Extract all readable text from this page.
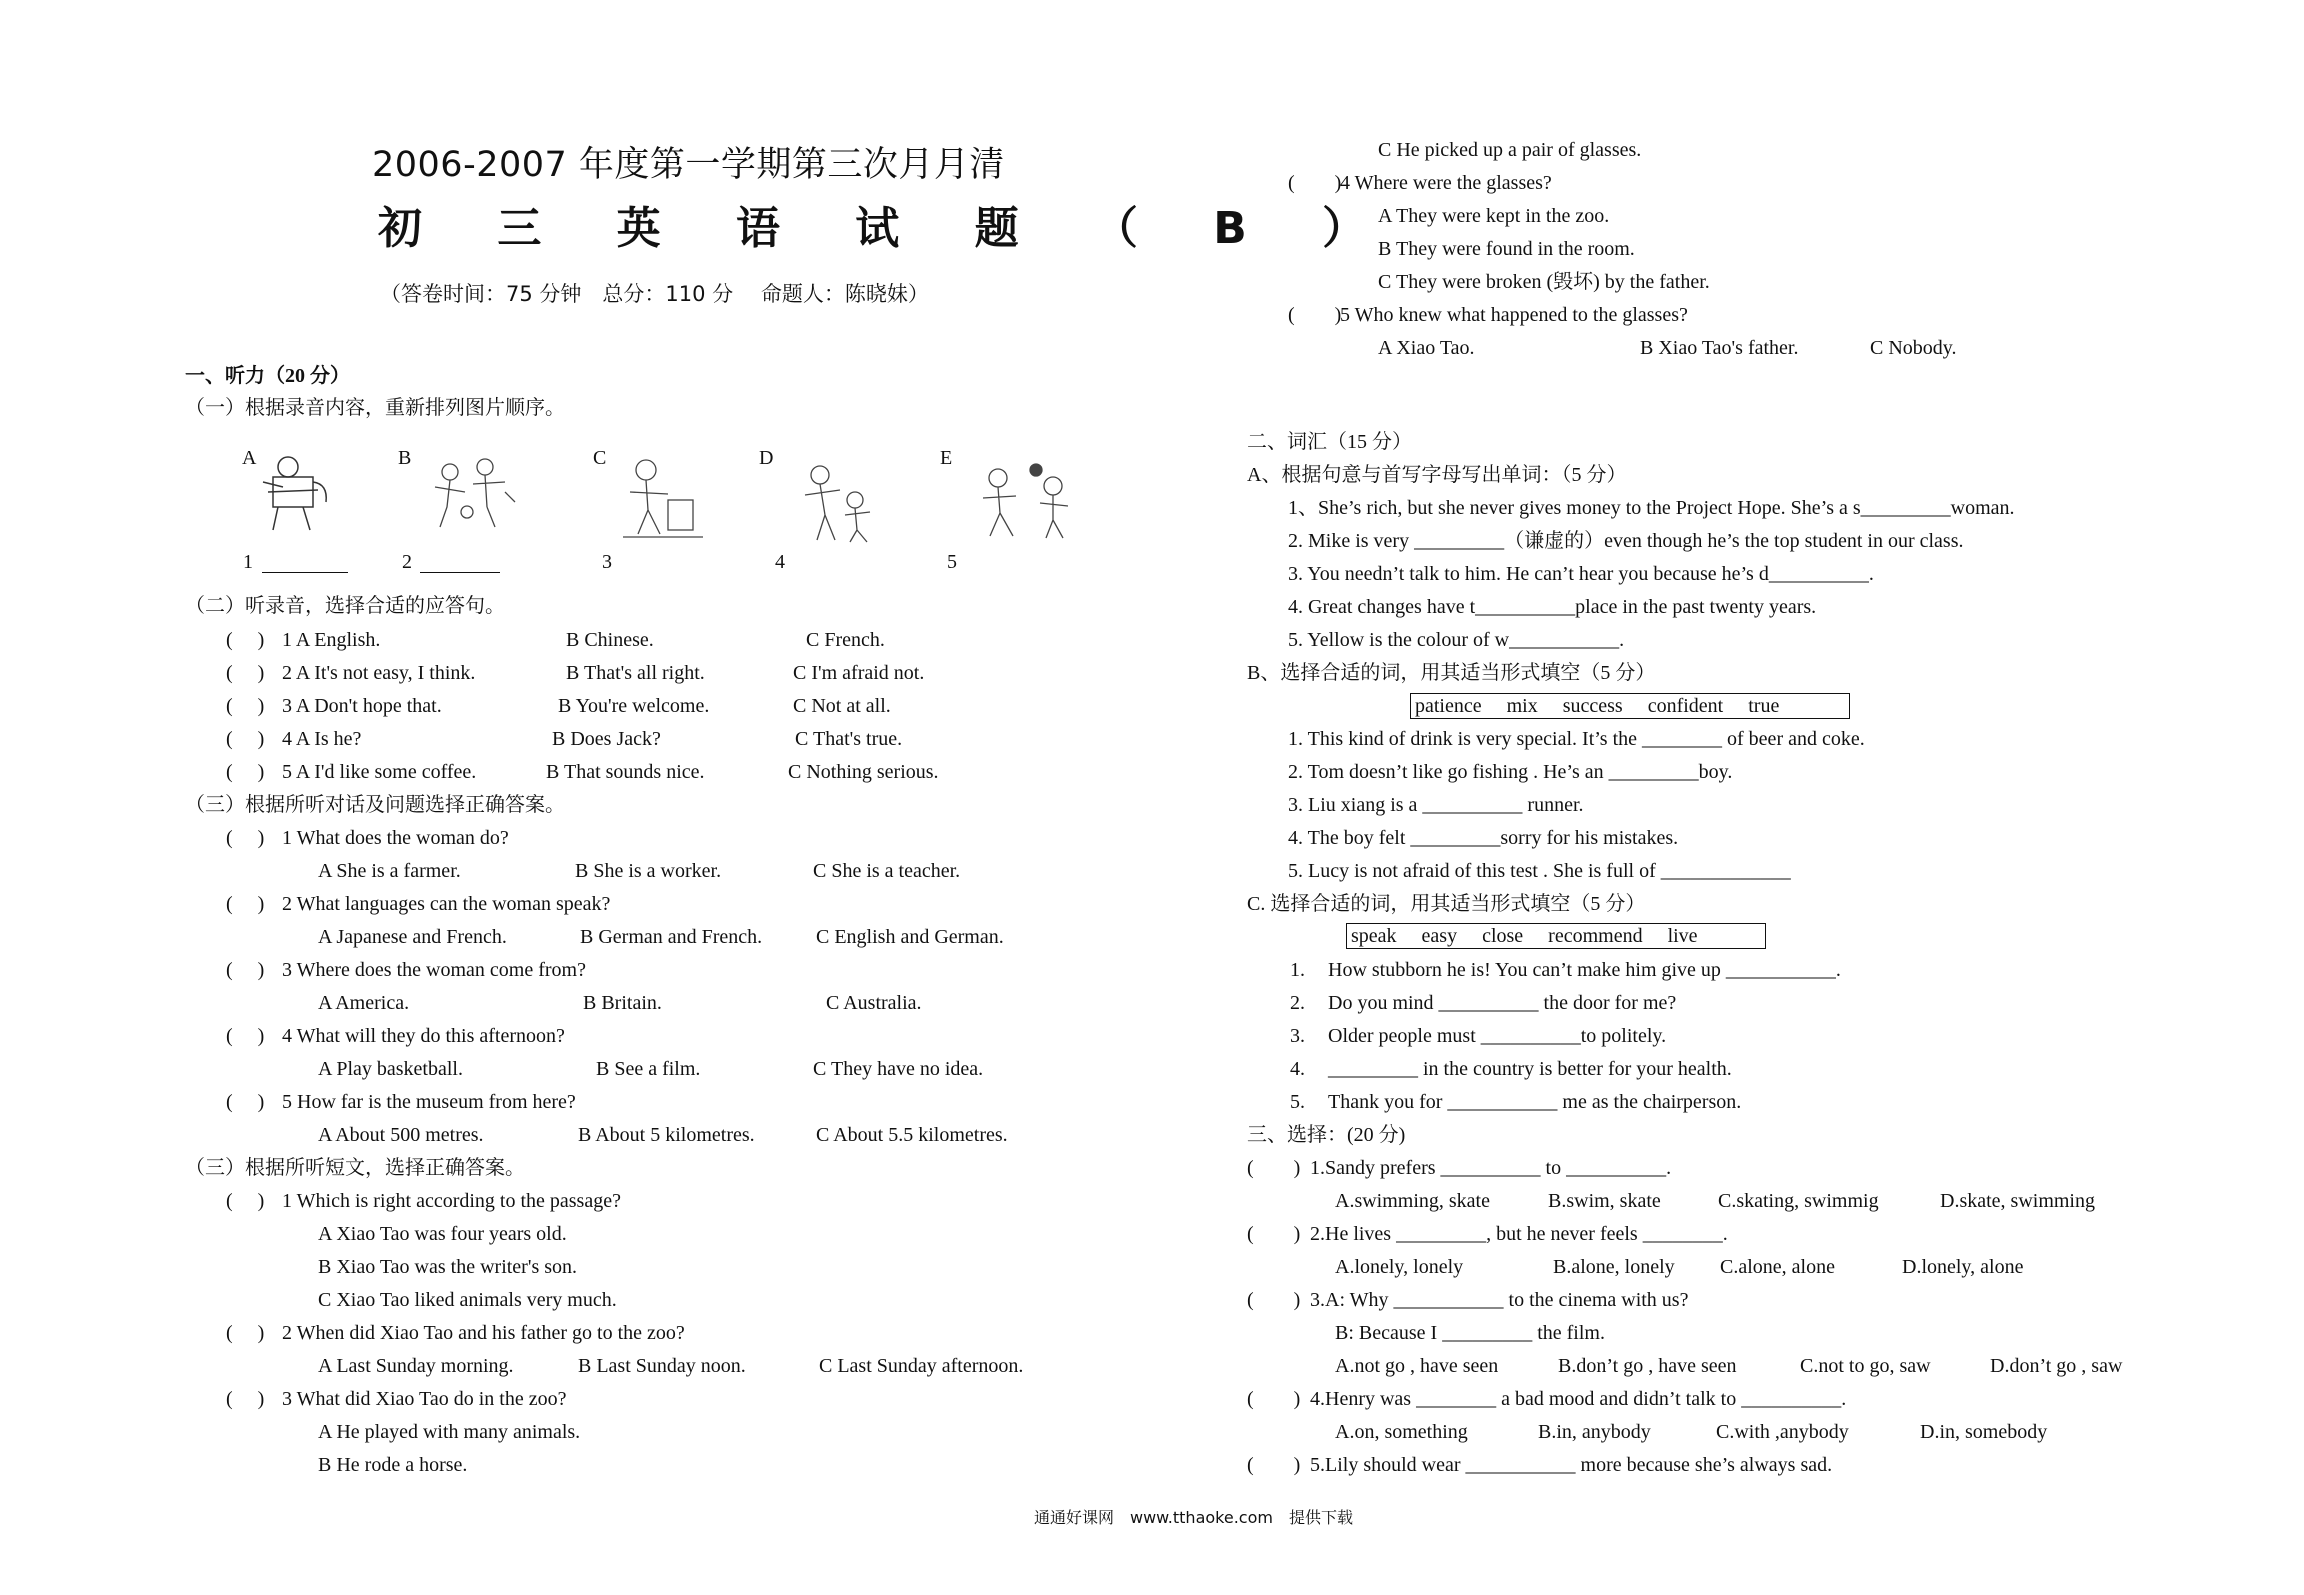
2006-2007 年度第一学期第三次月月清
初 三 英 语 试 题 （ B ）
（答卷时间：75 分钟　总分：110 分　 命题人：陈晓妹）
一、听力（20 分）
（一）根据录音内容，重新排列图片顺序。
A	B	C	D	E
1	2	3	4	5
（二）听录音，选择合适的应答句。
(　 ) 1 A English.	B Chinese.	C French.
(　 ) 2 A It's not easy, I think.	B That's all right.	C I'm afraid not.
(　 ) 3 A Don't hope that.	B You're welcome.	C Not at all.
(　 ) 4 A Is he?	B Does Jack?	C That's true.
(　 ) 5 A I'd like some coffee.	B That sounds nice.	C Nothing serious.
（三）根据所听对话及问题选择正确答案。
(　 ) 1 What does the woman do?
A She is a farmer.	B She is a worker.	C She is a teacher.
(　 ) 2 What languages can the woman speak?
A Japanese and French.	B German and French.	C English and German.
(　 ) 3 Where does the woman come from?
A America.	B Britain.	C Australia.
(　 ) 4 What will they do this afternoon?
A Play basketball.	B See a film.	C They have no idea.
(　 ) 5 How far is the museum from here?
A About 500 metres.	B About 5 kilometres.	C About 5.5 kilometres.
（三）根据所听短文，选择正确答案。
(　 ) 1 Which is right according to the passage?
A Xiao Tao was four years old.
B Xiao Tao was the writer's son.
C Xiao Tao liked animals very much.
(　 ) 2 When did Xiao Tao and his father go to the zoo?
A Last Sunday morning.	B Last Sunday noon.	C Last Sunday afternoon.
(　 ) 3 What did Xiao Tao do in the zoo?
A He played with many animals.
B He rode a horse.
C He picked up a pair of glasses.
(　　)
4 Where were the glasses?
A They were kept in the zoo.
B They were found in the room.
C They were broken (毁坏) by the father.
(　　)
5 Who knew what happened to the glasses?
A Xiao Tao.	B Xiao Tao's father.	C Nobody.
二、词汇（15 分）
A、根据句意与首写字母写出单词：（5 分）
1、She’s rich, but she never gives money to the Project Hope. She’s a s_________woman.
2. Mike is very _________（谦虚的）even though he’s the top student in our class.
3. You needn’t talk to him. He can’t hear you because he’s d__________.
4. Great changes have t__________place in the past twenty years.
5. Yellow is the colour of w___________.
B、选择合适的词，用其适当形式填空（5 分）
patience　 mix　 success　 confident　 true
1. This kind of drink is very special. It’s the ________ of beer and coke.
2. Tom doesn’t like go fishing . He’s an _________boy.
3. Liu xiang is a __________ runner.
4. The boy felt _________sorry for his mistakes.
5. Lucy is not afraid of this test . She is full of _____________
C. 选择合适的词，用其适当形式填空（5 分）
speak　 easy　 close　 recommend　 live
1. How stubborn he is! You can’t make him give up ___________.
2. Do you mind __________ the door for me?
3. Older people must __________to politely.
4. _________ in the country is better for your health.
5. Thank you for ___________ me as the chairperson.
三、选择：(20 分)
(　　) 1.Sandy prefers __________ to __________.
A.swimming, skate	B.swim, skate	C.skating, swimmig	D.skate, swimming
(　　) 2.He lives _________, but he never feels ________.
A.lonely, lonely	B.alone, lonely C.alone, alone	D.lonely, alone
(　　) 3.A: Why ___________ to the cinema with us?
B: Because I _________ the film.
A.not go , have seen	B.don’t go , have seen	C.not to go, saw	D.don’t go , saw
(　　) 4.Henry was ________ a bad mood and didn’t talk to __________.
A.on, something	B.in, anybody	C.with ,anybody	D.in, somebody
(　　) 5.Lily should wear ___________ more because she’s always sad.
通通好课网　www.tthaoke.com　提供下载
